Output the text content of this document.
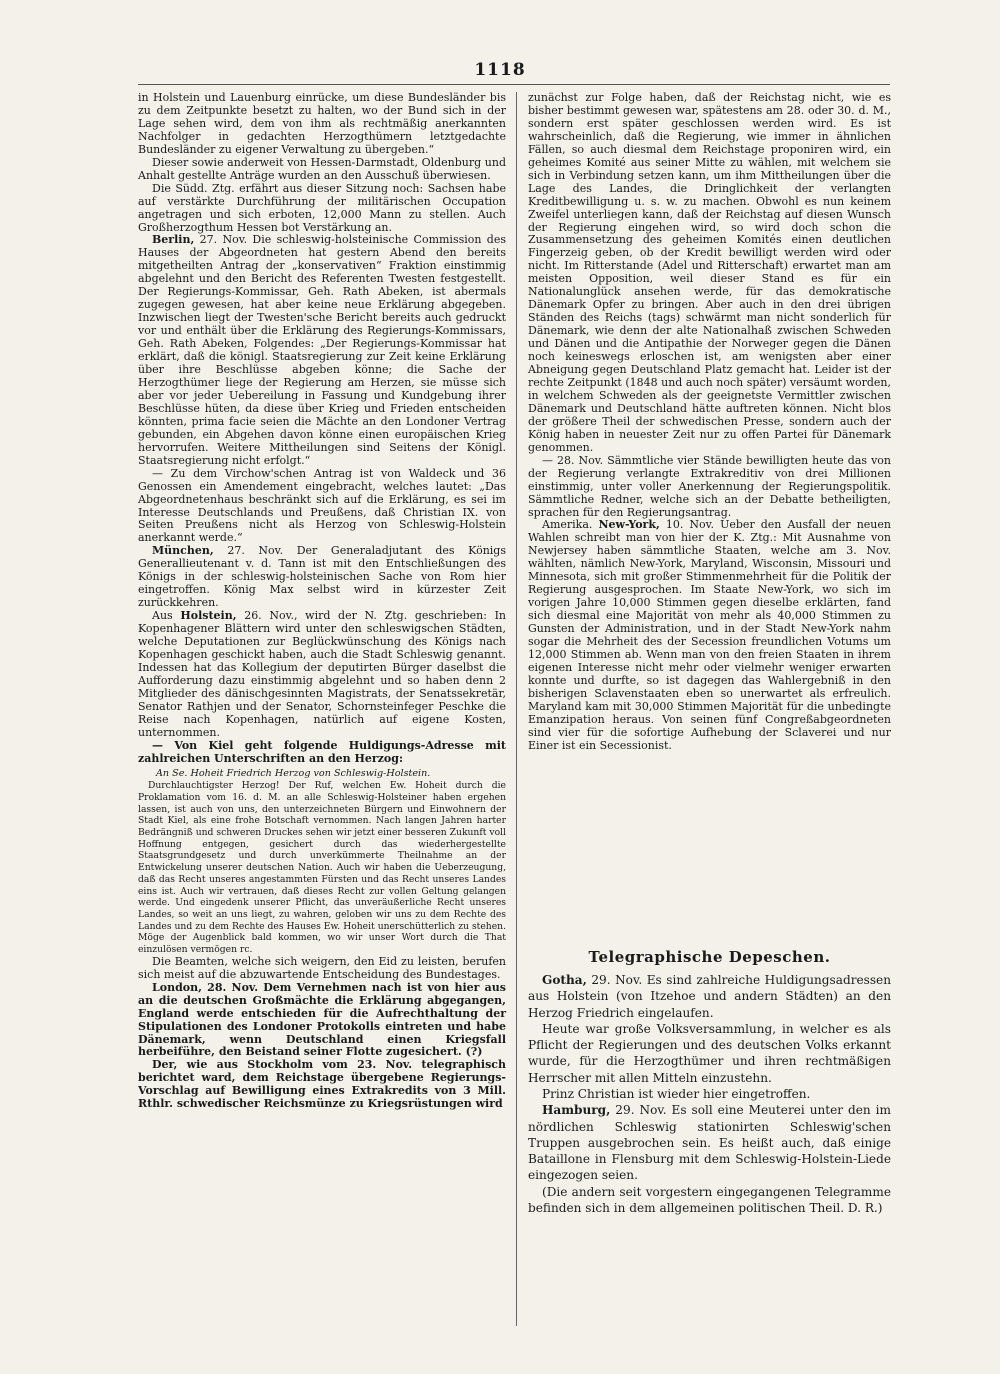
1118

in Holstein und Lauenburg einrücke, um diese Bundesländer bis zu dem Zeitpunkte besetzt zu halten, wo der Bund sich in der Lage sehen wird, dem von ihm als rechtmäßig anerkannten Nachfolger in gedachten Herzogthümern letztgedachte Bundesländer zu eigener Verwaltung zu übergeben.“

Dieser sowie anderweit von Hessen-Darmstadt, Oldenburg und Anhalt gestellte Anträge wurden an den Ausschuß überwiesen.

Die Südd. Ztg. erfährt aus dieser Sitzung noch: Sachsen habe auf verstärkte Durchführung der militärischen Occupation angetragen und sich erboten, 12,000 Mann zu stellen. Auch Großherzogthum Hessen bot Verstärkung an.

Berlin, 27. Nov. Die schleswig-holsteinische Commission des Hauses der Abgeordneten hat gestern Abend den bereits mitgetheilten Antrag der „konservativen“ Fraktion einstimmig abgelehnt und den Bericht des Referenten Twesten festgestellt. Der Regierungs-Kommissar, Geh. Rath Abeken, ist abermals zugegen gewesen, hat aber keine neue Erklärung abgegeben. Inzwischen liegt der Twesten'sche Bericht bereits auch gedruckt vor und enthält über die Erklärung des Regierungs-Kommissars, Geh. Rath Abeken, Folgendes: „Der Regierungs-Kommissar hat erklärt, daß die königl. Staatsregierung zur Zeit keine Erklärung über ihre Beschlüsse abgeben könne; die Sache der Herzogthümer liege der Regierung am Herzen, sie müsse sich aber vor jeder Uebereilung in Fassung und Kundgebung ihrer Beschlüsse hüten, da diese über Krieg und Frieden entscheiden könnten, prima facie seien die Mächte an den Londoner Vertrag gebunden, ein Abgehen davon könne einen europäischen Krieg hervorrufen. Weitere Mittheilungen sind Seitens der Königl. Staatsregierung nicht erfolgt.“

— Zu dem Virchow'schen Antrag ist von Waldeck und 36 Genossen ein Amendement eingebracht, welches lautet: „Das Abgeordnetenhaus beschränkt sich auf die Erklärung, es sei im Interesse Deutschlands und Preußens, daß Christian IX. von Seiten Preußens nicht als Herzog von Schleswig-Holstein anerkannt werde.“

München, 27. Nov. Der Generaladjutant des Königs Generallieutenant v. d. Tann ist mit den Entschließungen des Königs in der schleswig-holsteinischen Sache von Rom hier eingetroffen. König Max selbst wird in kürzester Zeit zurückkehren.

Aus Holstein, 26. Nov., wird der N. Ztg. geschrieben: In Kopenhagener Blättern wird unter den schleswigschen Städten, welche Deputationen zur Beglückwünschung des Königs nach Kopenhagen geschickt haben, auch die Stadt Schleswig genannt. Indessen hat das Kollegium der deputirten Bürger daselbst die Aufforderung dazu einstimmig abgelehnt und so haben denn 2 Mitglieder des dänischgesinnten Magistrats, der Senatssekretär, Senator Rathjen und der Senator, Schornsteinfeger Peschke die Reise nach Kopenhagen, natürlich auf eigene Kosten, unternommen.

— Von Kiel geht folgende Huldigungs-Adresse mit zahlreichen Unterschriften an den Herzog:

An Se. Hoheit Friedrich Herzog von Schleswig-Holstein.

Durchlauchtigster Herzog! Der Ruf, welchen Ew. Hoheit durch die Proklamation vom 16. d. M. an alle Schleswig-Holsteiner haben ergehen lassen, ist auch von uns, den unterzeichneten Bürgern und Einwohnern der Stadt Kiel, als eine frohe Botschaft vernommen. Nach langen Jahren harter Bedrängniß und schweren Druckes sehen wir jetzt einer besseren Zukunft voll Hoffnung entgegen, gesichert durch das wiederhergestellte Staatsgrundgesetz und durch unverkümmerte Theilnahme an der Entwickelung unserer deutschen Nation. Auch wir haben die Ueberzeugung, daß das Recht unseres angestammten Fürsten und das Recht unseres Landes eins ist. Auch wir vertrauen, daß dieses Recht zur vollen Geltung gelangen werde. Und eingedenk unserer Pflicht, das unveräußerliche Recht unseres Landes, so weit an uns liegt, zu wahren, geloben wir uns zu dem Rechte des Landes und zu dem Rechte des Hauses Ew. Hoheit unerschütterlich zu stehen. Möge der Augenblick bald kommen, wo wir unser Wort durch die That einzulösen vermögen rc.

Die Beamten, welche sich weigern, den Eid zu leisten, berufen sich meist auf die abzuwartende Entscheidung des Bundestages.

London, 28. Nov. Dem Vernehmen nach ist von hier aus an die deutschen Großmächte die Erklärung abgegangen, England werde entschieden für die Aufrechthaltung der Stipulationen des Londoner Protokolls eintreten und habe Dänemark, wenn Deutschland einen Kriegsfall herbeiführe, den Beistand seiner Flotte zugesichert. (?)

Der, wie aus Stockholm vom 23. Nov. telegraphisch berichtet ward, dem Reichstage übergebene Regierungs-Vorschlag auf Bewilligung eines Extrakredits von 3 Mill. Rthlr. schwedischer Reichsmünze zu Kriegsrüstungen wird

zunächst zur Folge haben, daß der Reichstag nicht, wie es bisher bestimmt gewesen war, spätestens am 28. oder 30. d. M., sondern erst später geschlossen werden wird. Es ist wahrscheinlich, daß die Regierung, wie immer in ähnlichen Fällen, so auch diesmal dem Reichstage proponiren wird, ein geheimes Komité aus seiner Mitte zu wählen, mit welchem sie sich in Verbindung setzen kann, um ihm Mittheilungen über die Lage des Landes, die Dringlichkeit der verlangten Kreditbewilligung u. s. w. zu machen. Obwohl es nun keinem Zweifel unterliegen kann, daß der Reichstag auf diesen Wunsch der Regierung eingehen wird, so wird doch schon die Zusammensetzung des geheimen Komités einen deutlichen Fingerzeig geben, ob der Kredit bewilligt werden wird oder nicht. Im Ritterstande (Adel und Ritterschaft) erwartet man am meisten Opposition, weil dieser Stand es für ein Nationalunglück ansehen werde, für das demokratische Dänemark Opfer zu bringen. Aber auch in den drei übrigen Ständen des Reichs (tags) schwärmt man nicht sonderlich für Dänemark, wie denn der alte Nationalhaß zwischen Schweden und Dänen und die Antipathie der Norweger gegen die Dänen noch keineswegs erloschen ist, am wenigsten aber einer Abneigung gegen Deutschland Platz gemacht hat. Leider ist der rechte Zeitpunkt (1848 und auch noch später) versäumt worden, in welchem Schweden als der geeignetste Vermittler zwischen Dänemark und Deutschland hätte auftreten können. Nicht blos der größere Theil der schwedischen Presse, sondern auch der König haben in neuester Zeit nur zu offen Partei für Dänemark genommen.

— 28. Nov. Sämmtliche vier Stände bewilligten heute das von der Regierung verlangte Extrakreditiv von drei Millionen einstimmig, unter voller Anerkennung der Regierungspolitik. Sämmtliche Redner, welche sich an der Debatte betheiligten, sprachen für den Regierungsantrag.

Amerika. New-York, 10. Nov. Ueber den Ausfall der neuen Wahlen schreibt man von hier der K. Ztg.: Mit Ausnahme von Newjersey haben sämmtliche Staaten, welche am 3. Nov. wählten, nämlich New-York, Maryland, Wisconsin, Missouri und Minnesota, sich mit großer Stimmenmehrheit für die Politik der Regierung ausgesprochen. Im Staate New-York, wo sich im vorigen Jahre 10,000 Stimmen gegen dieselbe erklärten, fand sich diesmal eine Majorität von mehr als 40,000 Stimmen zu Gunsten der Administration, und in der Stadt New-York nahm sogar die Mehrheit des der Secession freundlichen Votums um 12,000 Stimmen ab. Wenn man von den freien Staaten in ihrem eigenen Interesse nicht mehr oder vielmehr weniger erwarten konnte und durfte, so ist dagegen das Wahlergebniß in den bisherigen Sclavenstaaten eben so unerwartet als erfreulich. Maryland kam mit 30,000 Stimmen Majorität für die unbedingte Emanzipation heraus. Von seinen fünf Congreßabgeordneten sind vier für die sofortige Aufhebung der Sclaverei und nur Einer ist ein Secessionist.

Telegraphische Depeschen.

Gotha, 29. Nov. Es sind zahlreiche Huldigungsadressen aus Holstein (von Itzehoe und andern Städten) an den Herzog Friedrich eingelaufen.

Heute war große Volksversammlung, in welcher es als Pflicht der Regierungen und des deutschen Volks erkannt wurde, für die Herzogthümer und ihren rechtmäßigen Herrscher mit allen Mitteln einzustehn.

Prinz Christian ist wieder hier eingetroffen.

Hamburg, 29. Nov. Es soll eine Meuterei unter den im nördlichen Schleswig stationirten Schleswig'schen Truppen ausgebrochen sein. Es heißt auch, daß einige Bataillone in Flensburg mit dem Schleswig-Holstein-Liede eingezogen seien.

(Die andern seit vorgestern eingegangenen Telegramme befinden sich in dem allgemeinen politischen Theil. D. R.)
